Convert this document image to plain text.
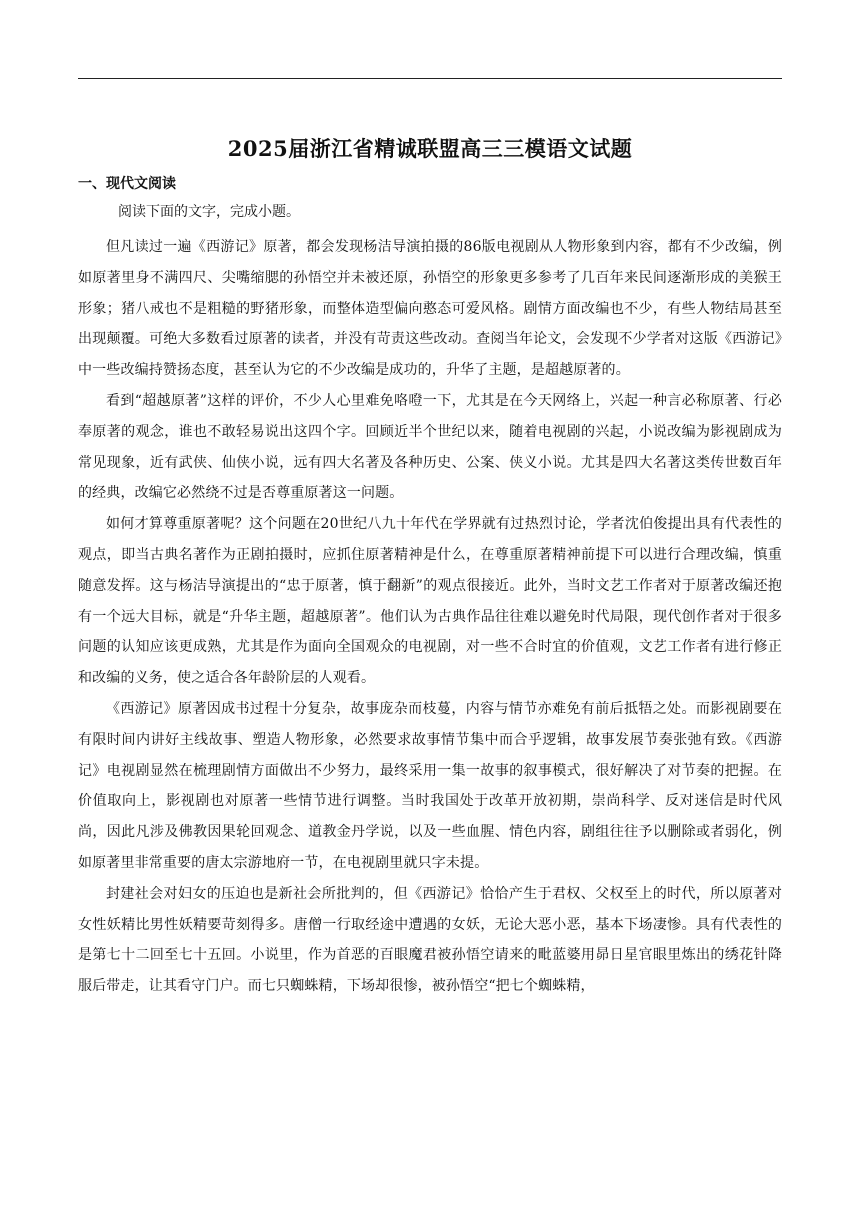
2025届浙江省精诚联盟高三三模语文试题
一、现代文阅读

阅读下面的文字，完成小题。

但凡读过一遍《西游记》原著，都会发现杨洁导演拍摄的86版电视剧从人物形象到内容，都有不少改编，例如原著里身不满四尺、尖嘴缩腮的孙悟空并未被还原，孙悟空的形象更多参考了几百年来民间逐渐形成的美猴王形象；猪八戒也不是粗糙的野猪形象，而整体造型偏向憨态可爱风格。剧情方面改编也不少，有些人物结局甚至出现颠覆。可绝大多数看过原著的读者，并没有苛责这些改动。查阅当年论文，会发现不少学者对这版《西游记》中一些改编持赞扬态度，甚至认为它的不少改编是成功的，升华了主题，是超越原著的。

看到“超越原著”这样的评价，不少人心里难免咯噔一下，尤其是在今天网络上，兴起一种言必称原著、行必奉原著的观念，谁也不敢轻易说出这四个字。回顾近半个世纪以来，随着电视剧的兴起，小说改编为影视剧成为常见现象，近有武侠、仙侠小说，远有四大名著及各种历史、公案、侠义小说。尤其是四大名著这类传世数百年的经典，改编它必然绕不过是否尊重原著这一问题。

如何才算尊重原著呢？这个问题在20世纪八九十年代在学界就有过热烈讨论，学者沈伯俊提出具有代表性的观点，即当古典名著作为正剧拍摄时，应抓住原著精神是什么，在尊重原著精神前提下可以进行合理改编，慎重随意发挥。这与杨洁导演提出的“忠于原著，慎于翻新”的观点很接近。此外，当时文艺工作者对于原著改编还抱有一个远大目标，就是“升华主题，超越原著”。他们认为古典作品往往难以避免时代局限，现代创作者对于很多问题的认知应该更成熟，尤其是作为面向全国观众的电视剧，对一些不合时宜的价值观，文艺工作者有进行修正和改编的义务，使之适合各年龄阶层的人观看。

《西游记》原著因成书过程十分复杂，故事庞杂而枝蔓，内容与情节亦难免有前后抵牾之处。而影视剧要在有限时间内讲好主线故事、塑造人物形象，必然要求故事情节集中而合乎逻辑，故事发展节奏张弛有致。《西游记》电视剧显然在梳理剧情方面做出不少努力，最终采用一集一故事的叙事模式，很好解决了对节奏的把握。在价值取向上，影视剧也对原著一些情节进行调整。当时我国处于改革开放初期，崇尚科学、反对迷信是时代风尚，因此凡涉及佛教因果轮回观念、道教金丹学说，以及一些血腥、情色内容，剧组往往予以删除或者弱化，例如原著里非常重要的唐太宗游地府一节，在电视剧里就只字未提。

封建社会对妇女的压迫也是新社会所批判的，但《西游记》恰恰产生于君权、父权至上的时代，所以原著对女性妖精比男性妖精要苛刻得多。唐僧一行取经途中遭遇的女妖，无论大恶小恶，基本下场凄惨。具有代表性的是第七十二回至七十五回。小说里，作为首恶的百眼魔君被孙悟空请来的毗蓝婆用昴日星官眼里炼出的绣花针降服后带走，让其看守门户。而七只蜘蛛精，下场却很惨，被孙悟空“把七个蜘蛛精，
